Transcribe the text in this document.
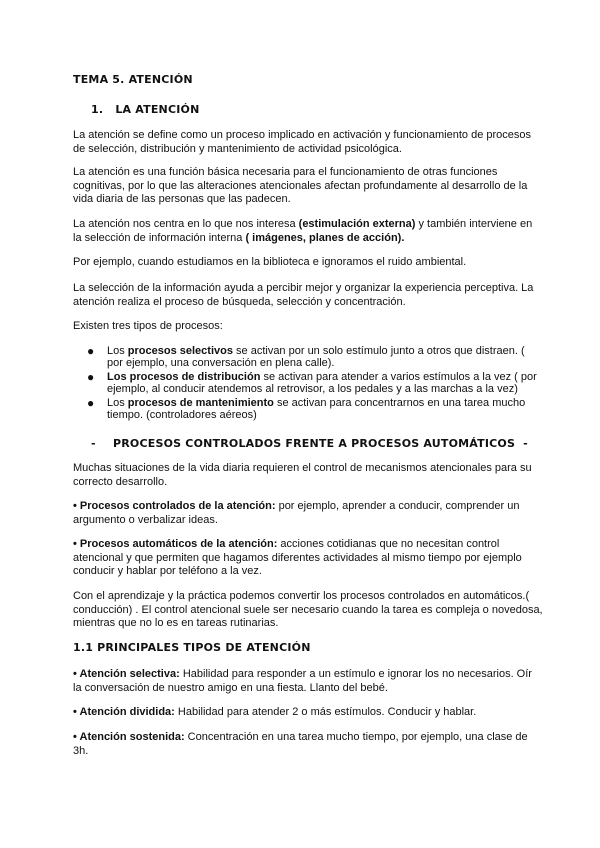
TEMA 5. ATENCIÓN
1. LA ATENCIÓN

La atención se define como un proceso implicado en activación y funcionamiento de procesos de selección, distribución y mantenimiento de actividad psicológica.

La atención es una función básica necesaria para el funcionamiento de otras funciones cognitivas, por lo que las alteraciones atencionales afectan profundamente al desarrollo de la vida diaria de las personas que las padecen.

La atención nos centra en lo que nos interesa (estimulación externa) y también interviene en la selección de información interna ( imágenes, planes de acción).

Por ejemplo, cuando estudiamos en la biblioteca e ignoramos el ruido ambiental.

La selección de la información ayuda a percibir mejor y organizar la experiencia perceptiva. La atención realiza el proceso de búsqueda, selección y concentración.

Existen tres tipos de procesos:

● Los procesos selectivos se activan por un solo estímulo junto a otros que distraen. ( por ejemplo, una conversación en plena calle).
● Los procesos de distribución se activan para atender a varios estímulos a la vez ( por ejemplo, al conducir atendemos al retrovisor, a los pedales y a las marchas a la vez)
● Los procesos de mantenimiento se activan para concentrarnos en una tarea mucho tiempo. (controladores aéreos)
- PROCESOS CONTROLADOS FRENTE A PROCESOS AUTOMÁTICOS -

Muchas situaciones de la vida diaria requieren el control de mecanismos atencionales para su correcto desarrollo.

• Procesos controlados de la atención: por ejemplo, aprender a conducir, comprender un argumento o verbalizar ideas.

• Procesos automáticos de la atención: acciones cotidianas que no necesitan control atencional y que permiten que hagamos diferentes actividades al mismo tiempo por ejemplo conducir y hablar por teléfono a la vez.

Con el aprendizaje y la práctica podemos convertir los procesos controlados en automáticos.( conducción) . El control atencional suele ser necesario cuando la tarea es compleja o novedosa, mientras que no lo es en tareas rutinarias.

1.1 PRINCIPALES TIPOS DE ATENCIÓN

• Atención selectiva: Habilidad para responder a un estímulo e ignorar los no necesarios. Oír la conversación de nuestro amigo en una fiesta. Llanto del bebé.

• Atención dividida: Habilidad para atender 2 o más estímulos. Conducir y hablar.

• Atención sostenida: Concentración en una tarea mucho tiempo, por ejemplo, una clase de 3h.
